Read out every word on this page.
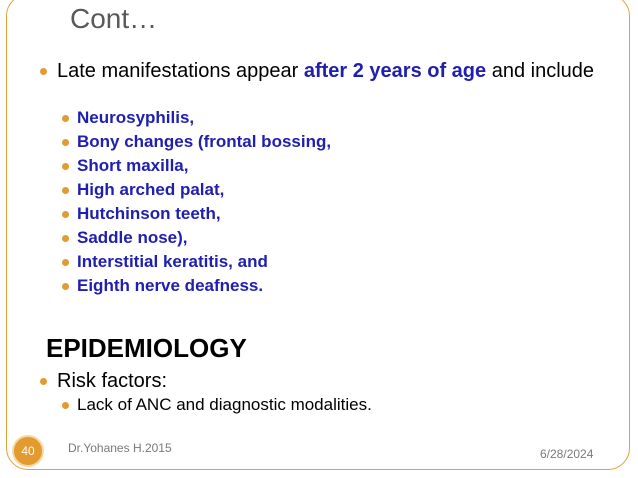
Cont…
Late manifestations appear after 2 years of age and include
Neurosyphilis,
Bony changes (frontal bossing,
Short maxilla,
High arched palat,
Hutchinson teeth,
Saddle nose),
Interstitial keratitis, and
Eighth nerve deafness.
EPIDEMIOLOGY
Risk factors:
Lack of ANC and diagnostic modalities.
40	Dr.Yohanes H.2015	6/28/2024
